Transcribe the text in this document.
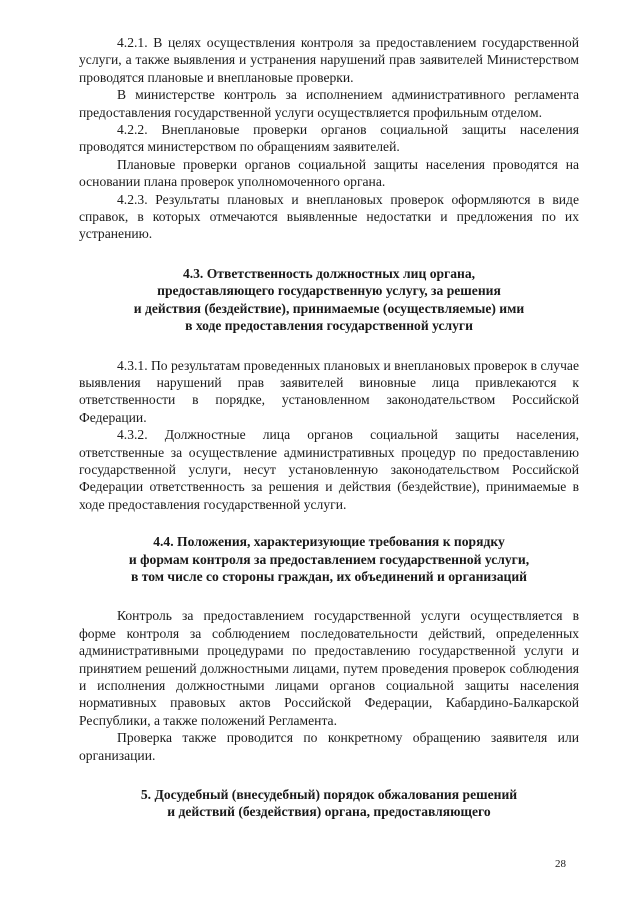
4.2.1. В целях осуществления контроля за предоставлением государственной услуги, а также выявления и устранения нарушений прав заявителей Министерством проводятся плановые и внеплановые проверки.

В министерстве контроль за исполнением административного регламента предоставления государственной услуги осуществляется профильным отделом.

4.2.2. Внеплановые проверки органов социальной защиты населения проводятся министерством по обращениям заявителей.

Плановые проверки органов социальной защиты населения проводятся на основании плана проверок уполномоченного органа.

4.2.3. Результаты плановых и внеплановых проверок оформляются в виде справок, в которых отмечаются выявленные недостатки и предложения по их устранению.

4.3. Ответственность должностных лиц органа,
предоставляющего государственную услугу, за решения
и действия (бездействие), принимаемые (осуществляемые) ими
в ходе предоставления государственной услуги

4.3.1. По результатам проведенных плановых и внеплановых проверок в случае выявления нарушений прав заявителей виновные лица привлекаются к ответственности в порядке, установленном законодательством Российской Федерации.

4.3.2. Должностные лица органов социальной защиты населения, ответственные за осуществление административных процедур по предоставлению государственной услуги, несут установленную законодательством Российской Федерации ответственность за решения и действия (бездействие), принимаемые в ходе предоставления государственной услуги.

4.4. Положения, характеризующие требования к порядку
и формам контроля за предоставлением государственной услуги,
в том числе со стороны граждан, их объединений и организаций

Контроль за предоставлением государственной услуги осуществляется в форме контроля за соблюдением последовательности действий, определенных административными процедурами по предоставлению государственной услуги и принятием решений должностными лицами, путем проведения проверок соблюдения и исполнения должностными лицами органов социальной защиты населения нормативных правовых актов Российской Федерации, Кабардино-Балкарской Республики, а также положений Регламента.

Проверка также проводится по конкретному обращению заявителя или организации.

5. Досудебный (внесудебный) порядок обжалования решений
и действий (бездействия) органа, предоставляющего
28
